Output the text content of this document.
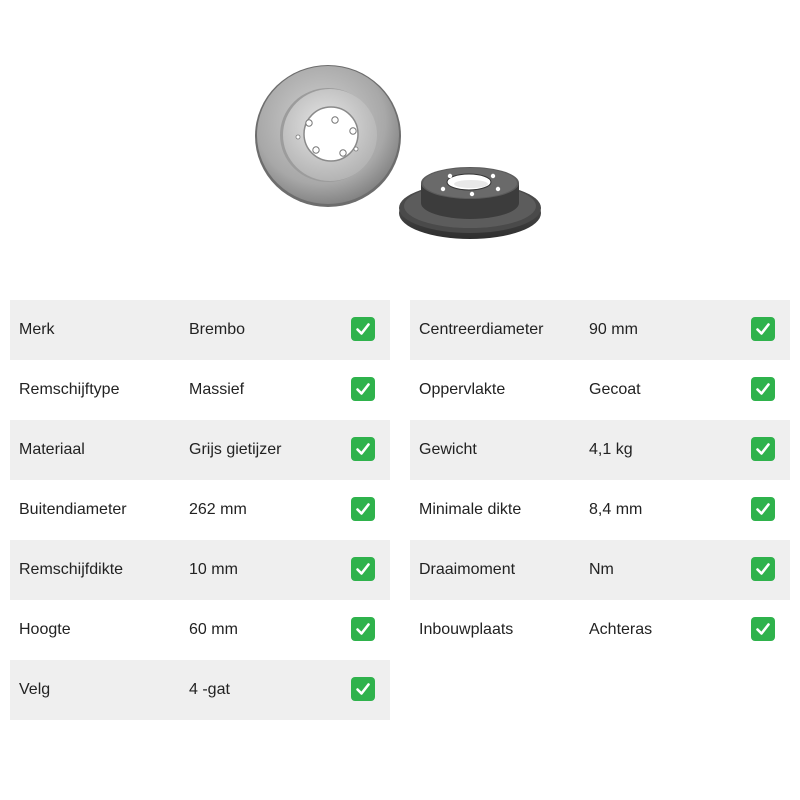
Merk	Brembo
Remschijftype	Massief
Materiaal	Grijs gietijzer
Buitendiameter	262 mm
Remschijfdikte	10 mm
Hoogte	60 mm
Velg	4 -gat
Centreerdiameter	90 mm
Oppervlakte	Gecoat
Gewicht	4,1 kg
Minimale dikte	8,4 mm
Draaimoment	Nm
Inbouwplaats	Achteras
